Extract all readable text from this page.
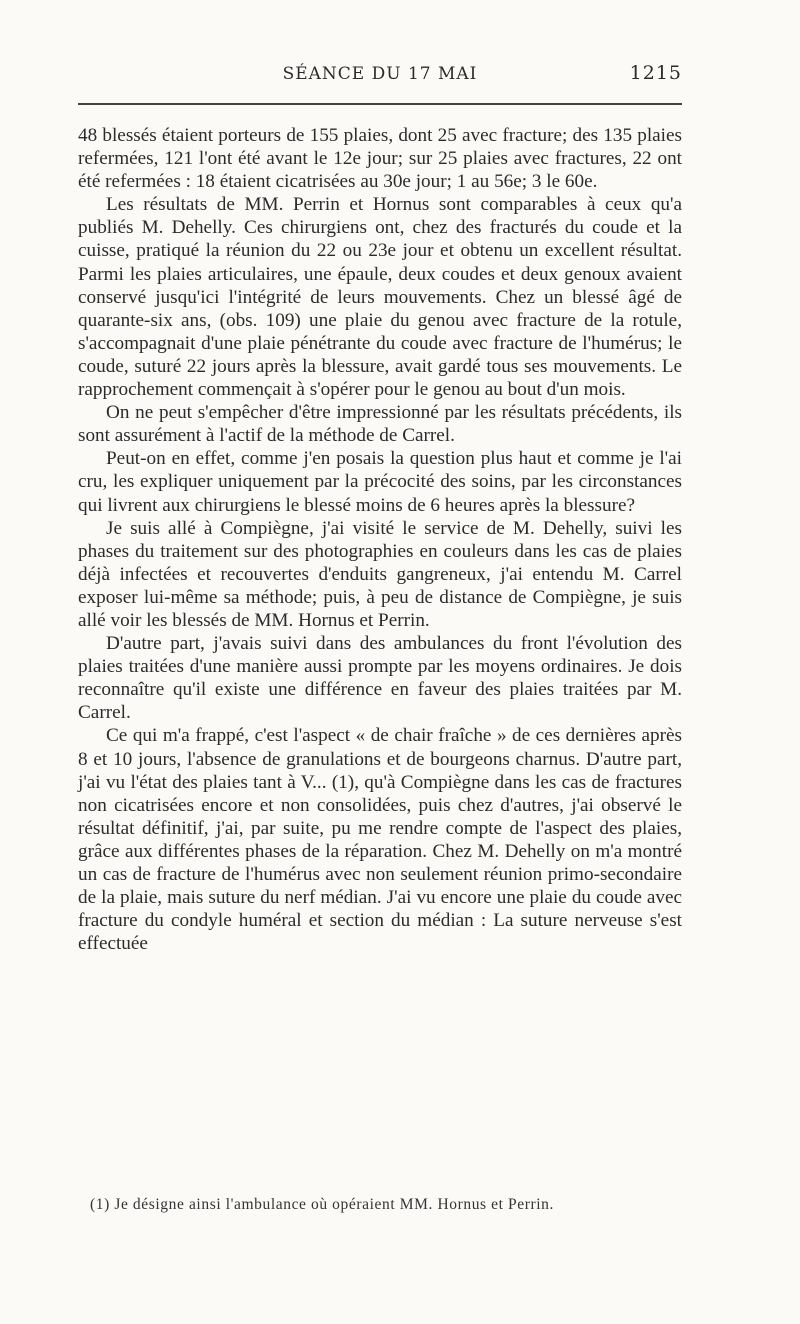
SÉANCE DU 17 MAI	1215

48 blessés étaient porteurs de 155 plaies, dont 25 avec fracture; des 135 plaies refermées, 121 l'ont été avant le 12e jour; sur 25 plaies avec fractures, 22 ont été refermées : 18 étaient cicatrisées au 30e jour; 1 au 56e; 3 le 60e.

Les résultats de MM. Perrin et Hornus sont comparables à ceux qu'a publiés M. Dehelly. Ces chirurgiens ont, chez des fracturés du coude et la cuisse, pratiqué la réunion du 22 ou 23e jour et obtenu un excellent résultat. Parmi les plaies articulaires, une épaule, deux coudes et deux genoux avaient conservé jusqu'ici l'intégrité de leurs mouvements. Chez un blessé âgé de quarante-six ans, (obs. 109) une plaie du genou avec fracture de la rotule, s'accompagnait d'une plaie pénétrante du coude avec fracture de l'humérus; le coude, suturé 22 jours après la blessure, avait gardé tous ses mouvements. Le rapprochement commençait à s'opérer pour le genou au bout d'un mois.

On ne peut s'empêcher d'être impressionné par les résultats précédents, ils sont assurément à l'actif de la méthode de Carrel.

Peut-on en effet, comme j'en posais la question plus haut et comme je l'ai cru, les expliquer uniquement par la précocité des soins, par les circonstances qui livrent aux chirurgiens le blessé moins de 6 heures après la blessure?

Je suis allé à Compiègne, j'ai visité le service de M. Dehelly, suivi les phases du traitement sur des photographies en couleurs dans les cas de plaies déjà infectées et recouvertes d'enduits gangreneux, j'ai entendu M. Carrel exposer lui-même sa méthode; puis, à peu de distance de Compiègne, je suis allé voir les blessés de MM. Hornus et Perrin.

D'autre part, j'avais suivi dans des ambulances du front l'évolution des plaies traitées d'une manière aussi prompte par les moyens ordinaires. Je dois reconnaître qu'il existe une différence en faveur des plaies traitées par M. Carrel.

Ce qui m'a frappé, c'est l'aspect « de chair fraîche » de ces dernières après 8 et 10 jours, l'absence de granulations et de bourgeons charnus. D'autre part, j'ai vu l'état des plaies tant à V... (1), qu'à Compiègne dans les cas de fractures non cicatrisées encore et non consolidées, puis chez d'autres, j'ai observé le résultat définitif, j'ai, par suite, pu me rendre compte de l'aspect des plaies, grâce aux différentes phases de la réparation. Chez M. Dehelly on m'a montré un cas de fracture de l'humérus avec non seulement réunion primo-secondaire de la plaie, mais suture du nerf médian. J'ai vu encore une plaie du coude avec fracture du condyle huméral et section du médian : La suture nerveuse s'est effectuée

(1) Je désigne ainsi l'ambulance où opéraient MM. Hornus et Perrin.
